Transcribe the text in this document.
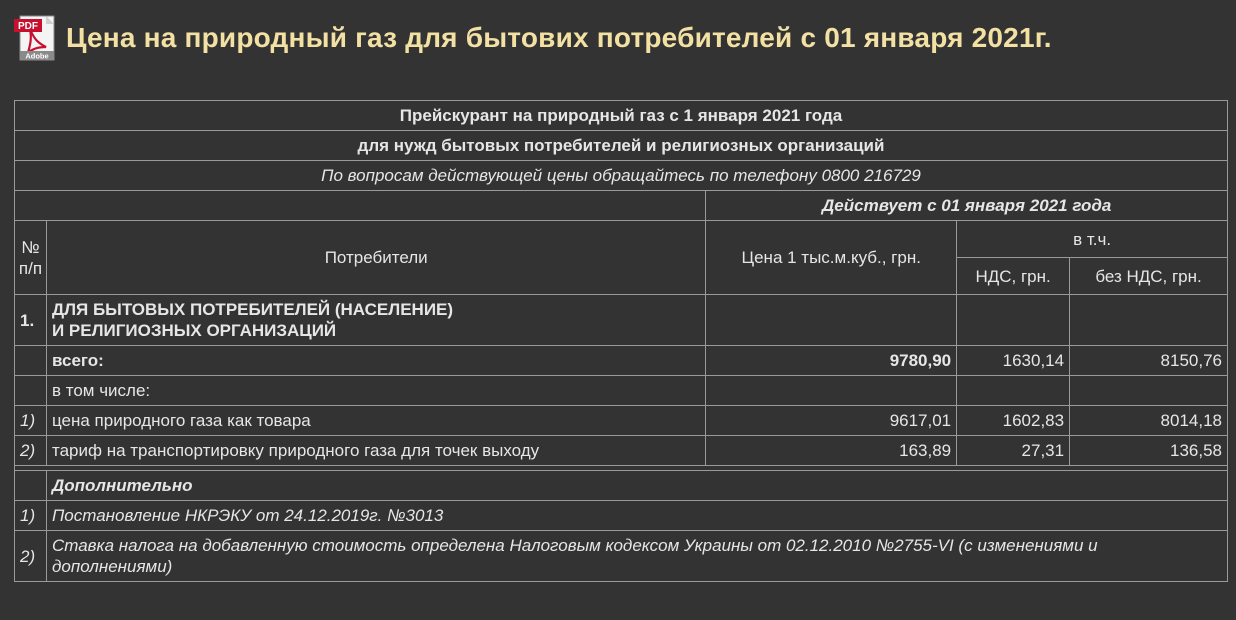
PDF
Adobe
Цена на природный газ для бытових потребителей с 01 января 2021г.
Прейскурант на природный газ с 1 января 2021 года				
для нужд бытовых потребителей и религиозных организаций				
По вопросам действующей цены обращайтесь по телефону 0800 216729				
		Действует с 01 января 2021 года		
№ п/п	Потребители	Цена 1 тыс.м.куб., грн.	в т.ч.	
			НДС, грн.	без НДС, грн.
1.	ДЛЯ БЫТОВЫХ ПОТРЕБИТЕЛЕЙ (НАСЕЛЕНИЕ)
И РЕЛИГИОЗНЫХ ОРГАНИЗАЦИЙ			
	всего:	9780,90	1630,14	8150,76
	в том числе:			
1)	цена природного газа как товара	9617,01	1602,83	8014,18
2)	тариф на транспортировку природного газа для точек выходу	163,89	27,31	136,58

	Дополнительно			
1)	Постановление НКРЭКУ от 24.12.2019г. №3013			
2)	Ставка налога на добавленную стоимость определена Налоговым кодексом Украины от 02.12.2010 №2755-VI (с изменениями и дополнениями)			
